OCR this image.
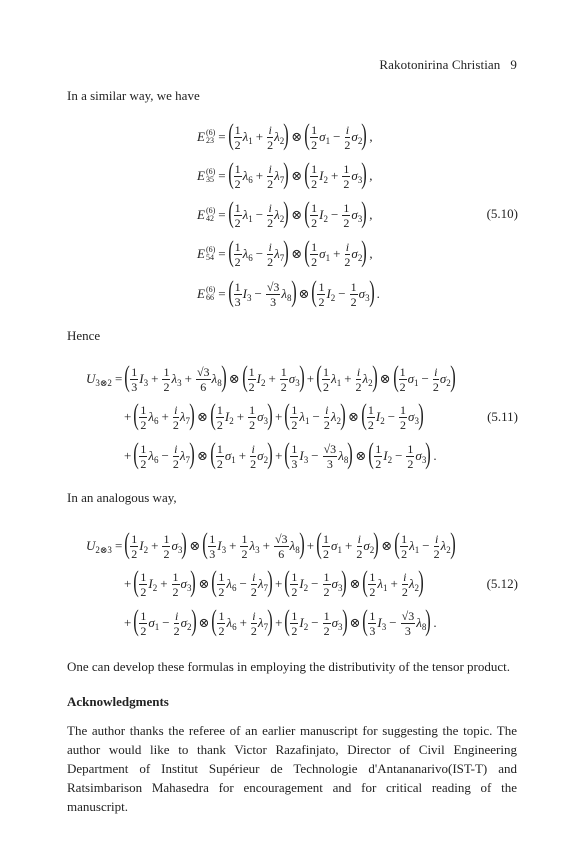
Rakotonirina Christian 9
In a similar way, we have
E (6)
23 = ( $\frac{1}{2}$ λ $1 + \frac{i}{2}$ λ 2 ) ⊗ ( $\frac{1}{2}$ σ $1 - \frac{i}{2}$ σ 2 ) ,
E (6)
35 = ( $\frac{1}{2}$ λ $6 + \frac{i}{2}$ λ 7 ) ⊗ ( $\frac{1}{2}$ I $2 + \frac{1}{2}$ σ 3 ) ,
E (6)
42 = ( $\frac{1}{2}$ λ $1 - \frac{i}{2}$ λ 2 ) ⊗ ( $\frac{1}{2}$ I $2 - \frac{1}{2}$ σ 3 ) ,
E (6)
54 = ( $\frac{1}{2}$ λ $6 - \frac{i}{2}$ λ 7 ) ⊗ ( $\frac{1}{2}$ σ $1 + \frac{i}{2}$ σ 2 ) ,
E (6)
66 = ( $\frac{1}{3}$ I $3 - \frac{√3}{3}$ λ 8 ) ⊗ ( $\frac{1}{2}$ I $2 - \frac{1}{2}$ σ 3 ) .
(5.10)
Hence
U 3⊗2 = ( $\frac{1}{3}$ I $3 + \frac{1}{2}$ λ $3 + \frac{√3}{6}$ λ 8 ) ⊗ ( $\frac{1}{2}$ I $2 + \frac{1}{2}$ σ 3 ) + ( $\frac{1}{2}$ λ $1 + \frac{i}{2}$ λ 2 ) ⊗ ( $\frac{1}{2}$ σ $1 - \frac{i}{2}$ σ 2 )
+ ( $\frac{1}{2}$ λ $6 + \frac{i}{2}$ λ 7 ) ⊗ ( $\frac{1}{2}$ I $2 + \frac{1}{2}$ σ 3 ) + ( $\frac{1}{2}$ λ $1 - \frac{i}{2}$ λ 2 ) ⊗ ( $\frac{1}{2}$ I $2 - \frac{1}{2}$ σ 3 )
+ ( $\frac{1}{2}$ λ $6 - \frac{i}{2}$ λ 7 ) ⊗ ( $\frac{1}{2}$ σ $1 + \frac{i}{2}$ σ 2 ) + ( $\frac{1}{3}$ I $3 - \frac{√3}{3}$ λ 8 ) ⊗ ( $\frac{1}{2}$ I $2 - \frac{1}{2}$ σ 3 ) .
(5.11)
In an analogous way,
U 2⊗3 = ( $\frac{1}{2}$ I $2 + \frac{1}{2}$ σ 3 ) ⊗ ( $\frac{1}{3}$ I $3 + \frac{1}{2}$ λ $3 + \frac{√3}{6}$ λ 8 ) + ( $\frac{1}{2}$ σ $1 + \frac{i}{2}$ σ 2 ) ⊗ ( $\frac{1}{2}$ λ $1 - \frac{i}{2}$ λ 2 )
+ ( $\frac{1}{2}$ I $2 + \frac{1}{2}$ σ 3 ) ⊗ ( $\frac{1}{2}$ λ $6 - \frac{i}{2}$ λ 7 ) + ( $\frac{1}{2}$ I $2 - \frac{1}{2}$ σ 3 ) ⊗ ( $\frac{1}{2}$ λ $1 + \frac{i}{2}$ λ 2 )
+ ( $\frac{1}{2}$ σ $1 - \frac{i}{2}$ σ 2 ) ⊗ ( $\frac{1}{2}$ λ $6 + \frac{i}{2}$ λ 7 ) + ( $\frac{1}{2}$ I $2 - \frac{1}{2}$ σ 3 ) ⊗ ( $\frac{1}{3}$ I $3 - \frac{√3}{3}$ λ 8 ) .
(5.12)
One can develop these formulas in employing the distributivity of the tensor product.
Acknowledgments
The author thanks the referee of an earlier manuscript for suggesting the topic. The author would like to thank Victor Razafinjato, Director of Civil Engineering Department of Institut Supérieur de Technologie d'Antananarivo(IST-T) and Ratsimbarison Mahasedra for encouragement and for critical reading of the manuscript.
